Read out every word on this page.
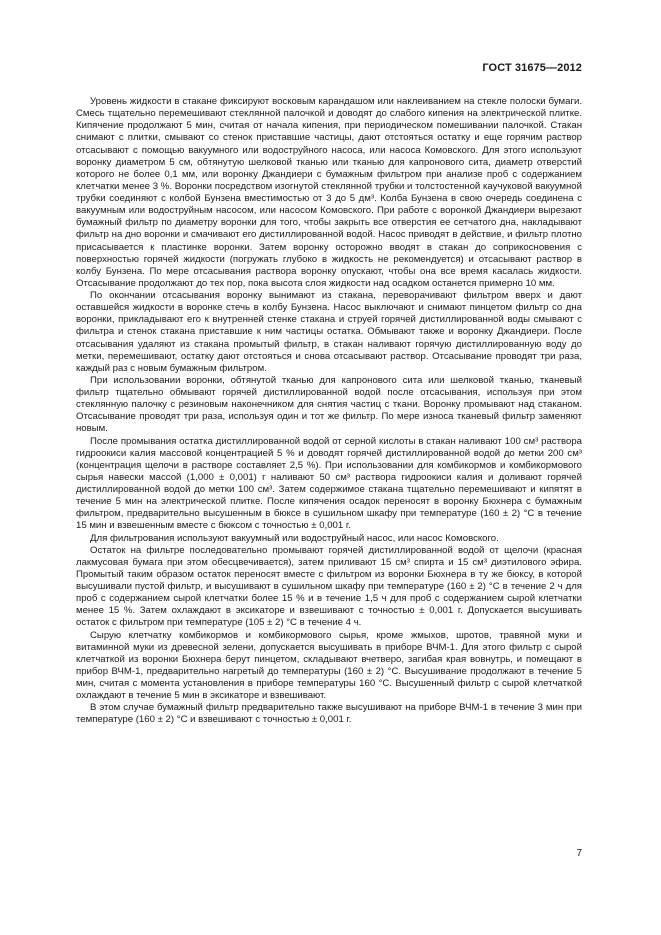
ГОСТ 31675—2012

Уровень жидкости в стакане фиксируют восковым карандашом или наклеиванием на стекле полоски бумаги. Смесь тщательно перемешивают стеклянной палочкой и доводят до слабого кипения на электрической плитке. Кипячение продолжают 5 мин, считая от начала кипения, при периодическом помешивании палочкой. Стакан снимают с плитки, смывают со стенок приставшие частицы, дают отстояться остатку и еще горячим раствор отсасывают с помощью вакуумного или водоструйного насоса, или насоса Комовского. Для этого используют воронку диаметром 5 см, обтянутую шелковой тканью или тканью для капронового сита, диаметр отверстий которого не более 0,1 мм, или воронку Джандиери с бумажным фильтром при анализе проб с содержанием клетчатки менее 3 %. Воронки посредством изогнутой стеклянной трубки и толстостенной каучуковой вакуумной трубки соединяют с колбой Бунзена вместимостью от 3 до 5 дм³. Колба Бунзена в свою очередь соединена с вакуумным или водоструйным насосом, или насосом Комовского. При работе с воронкой Джандиери вырезают бумажный фильтр по диаметру воронки для того, чтобы закрыть все отверстия ее сетчатого дна, накладывают фильтр на дно воронки и смачивают его дистиллированной водой. Насос приводят в действие, и фильтр плотно присасывается к пластинке воронки. Затем воронку осторожно вводят в стакан до соприкосновения с поверхностью горячей жидкости (погружать глубоко в жидкость не рекомендуется) и отсасывают раствор в колбу Бунзена. По мере отсасывания раствора воронку опускают, чтобы она все время касалась жидкости. Отсасывание продолжают до тех пор, пока высота слоя жидкости над осадком останется примерно 10 мм.

По окончании отсасывания воронку вынимают из стакана, переворачивают фильтром вверх и дают оставшейся жидкости в воронке стечь в колбу Бунзена. Насос выключают и снимают пинцетом фильтр со дна воронки, прикладывают его к внутренней стенке стакана и струей горячей дистиллированной воды смывают с фильтра и стенок стакана приставшие к ним частицы остатка. Обмывают также и воронку Джандиери. После отсасывания удаляют из стакана промытый фильтр, в стакан наливают горячую дистиллированную воду до метки, перемешивают, остатку дают отстояться и снова отсасывают раствор. Отсасывание проводят три раза, каждый раз с новым бумажным фильтром.

При использовании воронки, обтянутой тканью для капронового сита или шелковой тканью, тканевый фильтр тщательно обмывают горячей дистиллированной водой после отсасывания, используя при этом стеклянную палочку с резиновым наконечником для снятия частиц с ткани. Воронку промывают над стаканом. Отсасывание проводят три раза, используя один и тот же фильтр. По мере износа тканевый фильтр заменяют новым.

После промывания остатка дистиллированной водой от серной кислоты в стакан наливают 100 см³ раствора гидроокиси калия массовой концентрацией 5 % и доводят горячей дистиллированной водой до метки 200 см³ (концентрация щелочи в растворе составляет 2,5 %). При использовании для комбикормов и комбикормового сырья навески массой (1,000 ± 0,001) г наливают 50 см³ раствора гидроокиси калия и доливают горячей дистиллированной водой до метки 100 см³. Затем содержимое стакана тщательно перемешивают и кипятят в течение 5 мин на электрической плитке. После кипячения осадок переносят в воронку Бюхнера с бумажным фильтром, предварительно высушенным в бюксе в сушильном шкафу при температуре (160 ± 2) °С в течение 15 мин и взвешенным вместе с бюксом с точностью ± 0,001 г.

Для фильтрования используют вакуумный или водоструйный насос, или насос Комовского.

Остаток на фильтре последовательно промывают горячей дистиллированной водой от щелочи (красная лакмусовая бумага при этом обесцвечивается), затем приливают 15 см³ спирта и 15 см³ диэтилового эфира. Промытый таким образом остаток переносят вместе с фильтром из воронки Бюхнера в ту же бюксу, в которой высушивали пустой фильтр, и высушивают в сушильном шкафу при температуре (160 ± 2) °С в течение 2 ч для проб с содержанием сырой клетчатки более 15 % и в течение 1,5 ч для проб с содержанием сырой клетчатки менее 15 %. Затем охлаждают в эксикаторе и взвешивают с точностью ± 0,001 г. Допускается высушивать остаток с фильтром при температуре (105 ± 2) °С в течение 4 ч.

Сырую клетчатку комбикормов и комбикормового сырья, кроме жмыхов, шротов, травяной муки и витаминной муки из древесной зелени, допускается высушивать в приборе ВЧМ-1. Для этого фильтр с сырой клетчаткой из воронки Бюхнера берут пинцетом, складывают вчетверо, загибая края вовнутрь, и помещают в прибор ВЧМ-1, предварительно нагретый до температуры (160 ± 2) °С. Высушивание продолжают в течение 5 мин, считая с момента установления в приборе температуры 160 °С. Высушенный фильтр с сырой клетчаткой охлаждают в течение 5 мин в эксикаторе и взвешивают.

В этом случае бумажный фильтр предварительно также высушивают на приборе ВЧМ-1 в течение 3 мин при температуре (160 ± 2) °С и взвешивают с точностью ± 0,001 г.

7
